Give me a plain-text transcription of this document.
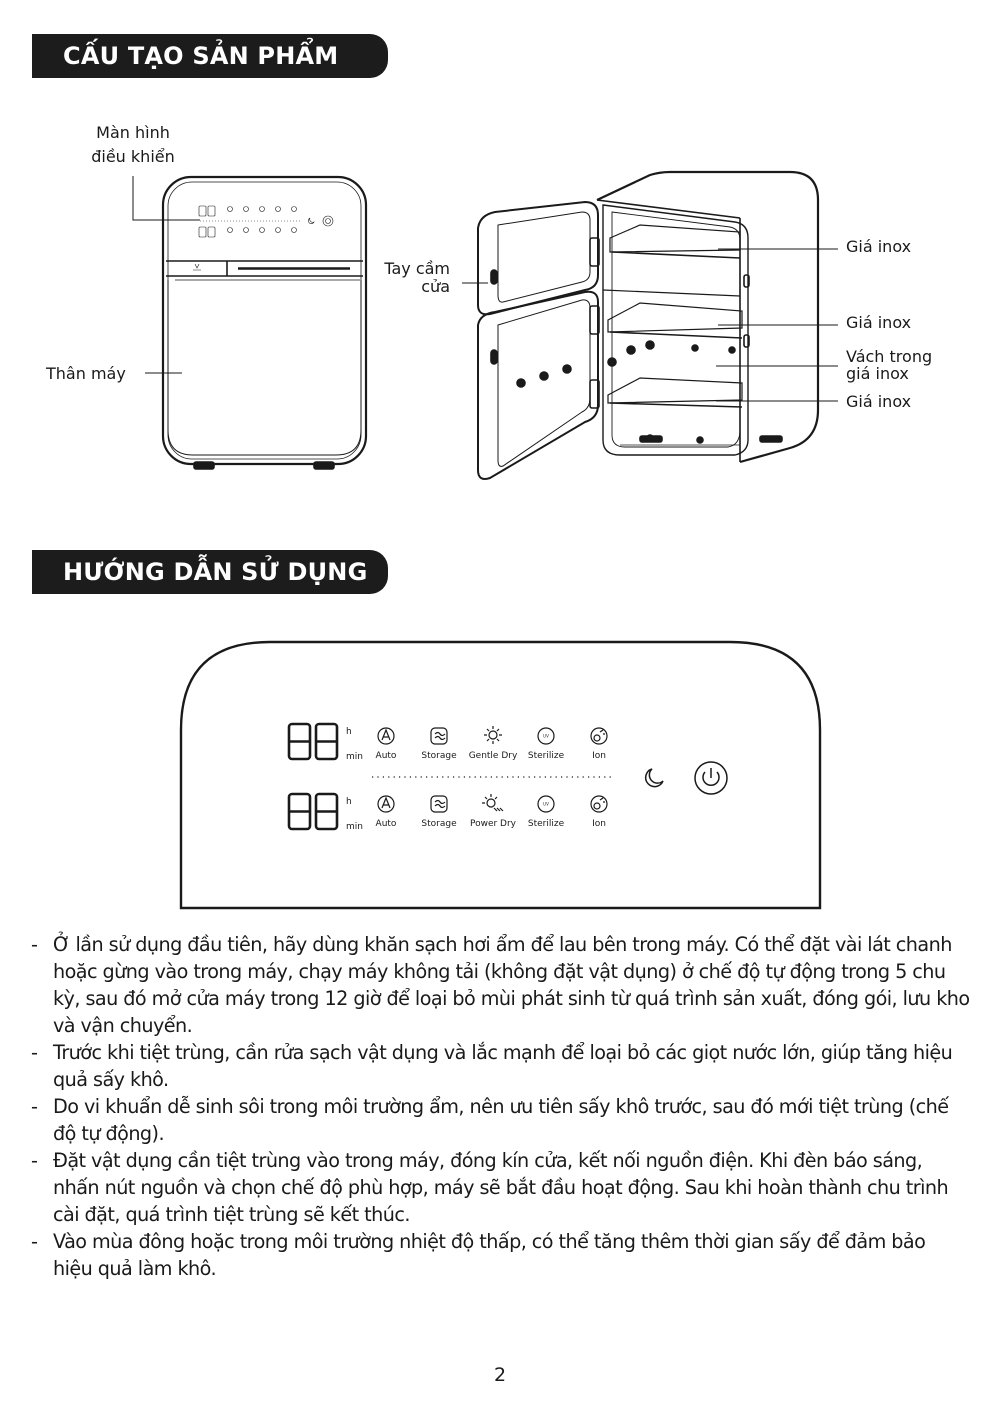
CẤU TẠO SẢN PHẨM
Màn hình
điều khiển
Thân máy
Tay cầm
cửa
Giá inox
Giá inox
Vách trong
giá inox
Giá inox
HƯỚNG DẪN SỬ DỤNG
h
min
h
min
UV
Auto	Storage Gentle Dry Sterilize	Ion
UV
Auto	Storage Power Dry Sterilize	Ion
- Ở lần sử dụng đầu tiên, hãy dùng khăn sạch hơi ẩm để lau bên trong máy. Có thể đặt vài lát chanh hoặc gừng vào trong máy, chạy máy không tải (không đặt vật dụng) ở chế độ tự động trong 5 chu kỳ, sau đó mở cửa máy trong 12 giờ để loại bỏ mùi phát sinh từ quá trình sản xuất, đóng gói, lưu kho và vận chuyển.
- Trước khi tiệt trùng, cần rửa sạch vật dụng và lắc mạnh để loại bỏ các giọt nước lớn, giúp tăng hiệu quả sấy khô.
- Do vi khuẩn dễ sinh sôi trong môi trường ẩm, nên ưu tiên sấy khô trước, sau đó mới tiệt trùng (chế độ tự động).
- Đặt vật dụng cần tiệt trùng vào trong máy, đóng kín cửa, kết nối nguồn điện. Khi đèn báo sáng, nhấn nút nguồn và chọn chế độ phù hợp, máy sẽ bắt đầu hoạt động. Sau khi hoàn thành chu trình cài đặt, quá trình tiệt trùng sẽ kết thúc.
- Vào mùa đông hoặc trong môi trường nhiệt độ thấp, có thể tăng thêm thời gian sấy để đảm bảo hiệu quả làm khô.
2
